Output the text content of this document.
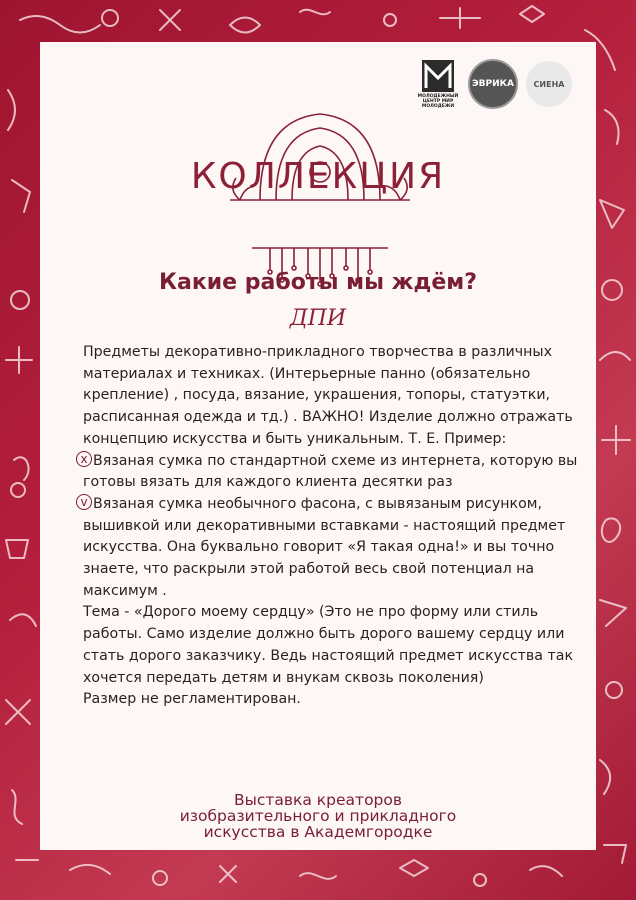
МОЛОДЕЖНЫЙ ЦЕНТР МИР МОЛОДЕЖИ
ЭВРИКА	СИЕНА
КОЛЛЕКЦИЯ
Какие работы мы ждём?
ДПИ

Предметы декоративно-прикладного творчества в различных материалах и техниках. (Интерьерные панно (обязательно крепление) , посуда, вязание, украшения, топоры, статуэтки, расписанная одежда и тд.) . ВАЖНО! Изделие должно отражать концепцию искусства и быть уникальным. Т. Е. Пример:

x Вязаная сумка по стандартной схеме из интернета, которую вы готовы вязать для каждого клиента десятки раз

v Вязаная сумка необычного фасона, с вывязаным рисунком, вышивкой или декоративными вставками - настоящий предмет искусства. Она буквально говорит «Я такая одна!» и вы точно знаете, что раскрыли этой работой весь свой потенциал на максимум .

Тема - «Дорого моему сердцу» (Это не про форму или стиль работы. Само изделие должно быть дорого вашему сердцу или стать дорого заказчику. Ведь настоящий предмет искусства так хочется передать детям и внукам сквозь поколения)

Размер не регламентирован.

Выставка креаторов
изобразительного и прикладного
искусства в Академгородке
